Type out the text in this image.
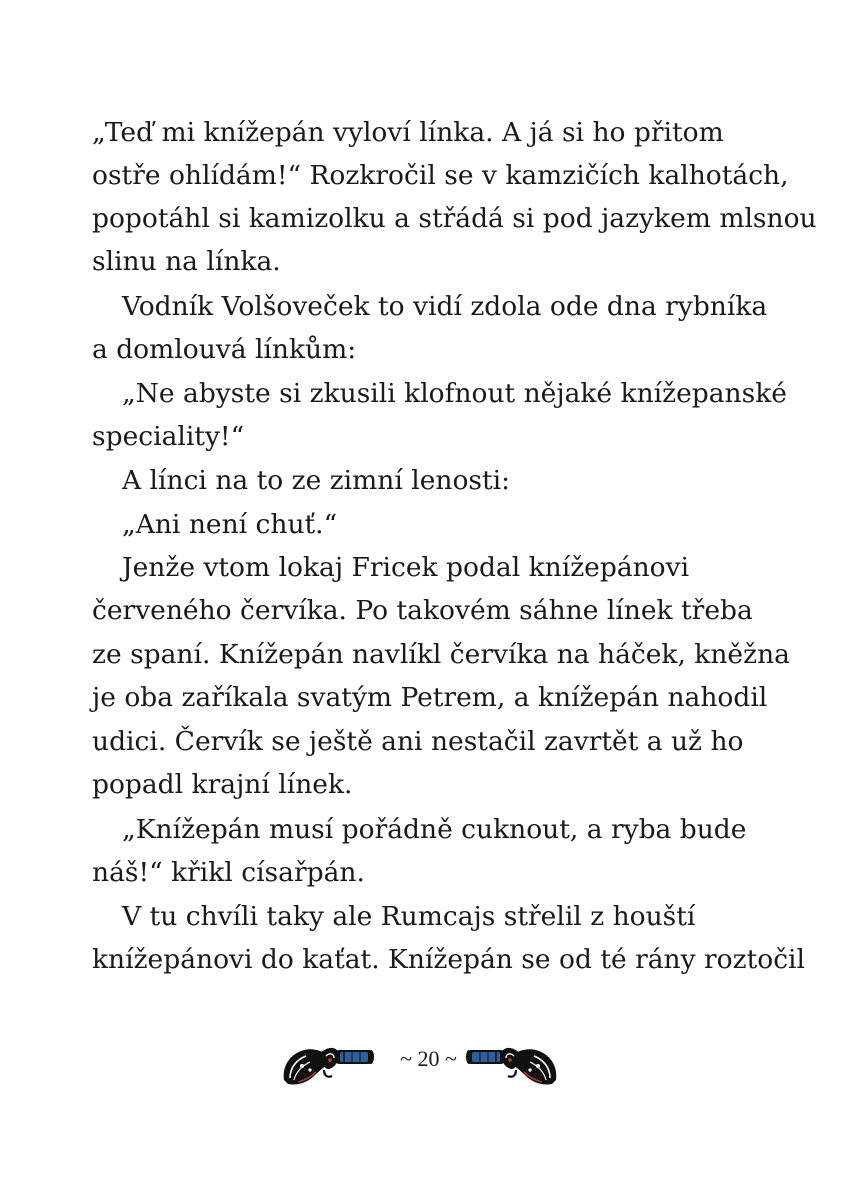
„Teď mi knížepán vyloví línka. A já si ho přitom
ostře ohlídám!“ Rozkročil se v kamzičích kalhotách,
popotáhl si kamizolku a střádá si pod jazykem mlsnou
slinu na línka.
Vodník Volšoveček to vidí zdola ode dna rybníka
a domlouvá línkům:
„Ne abyste si zkusili klofnout nějaké knížepanské
speciality!“
A línci na to ze zimní lenosti:
„Ani není chuť.“
Jenže vtom lokaj Fricek podal knížepánovi
červeného červíka. Po takovém sáhne línek třeba
ze spaní. Knížepán navlíkl červíka na háček, kněžna
je oba zaříkala svatým Petrem, a knížepán nahodil
udici. Červík se ještě ani nestačil zavrtět a už ho
popadl krajní línek.
„Knížepán musí pořádně cuknout, a ryba bude
náš!“ křikl císařpán.
V tu chvíli taky ale Rumcajs střelil z houští
knížepánovi do kaťat. Knížepán se od té rány roztočil
~ 20 ~
